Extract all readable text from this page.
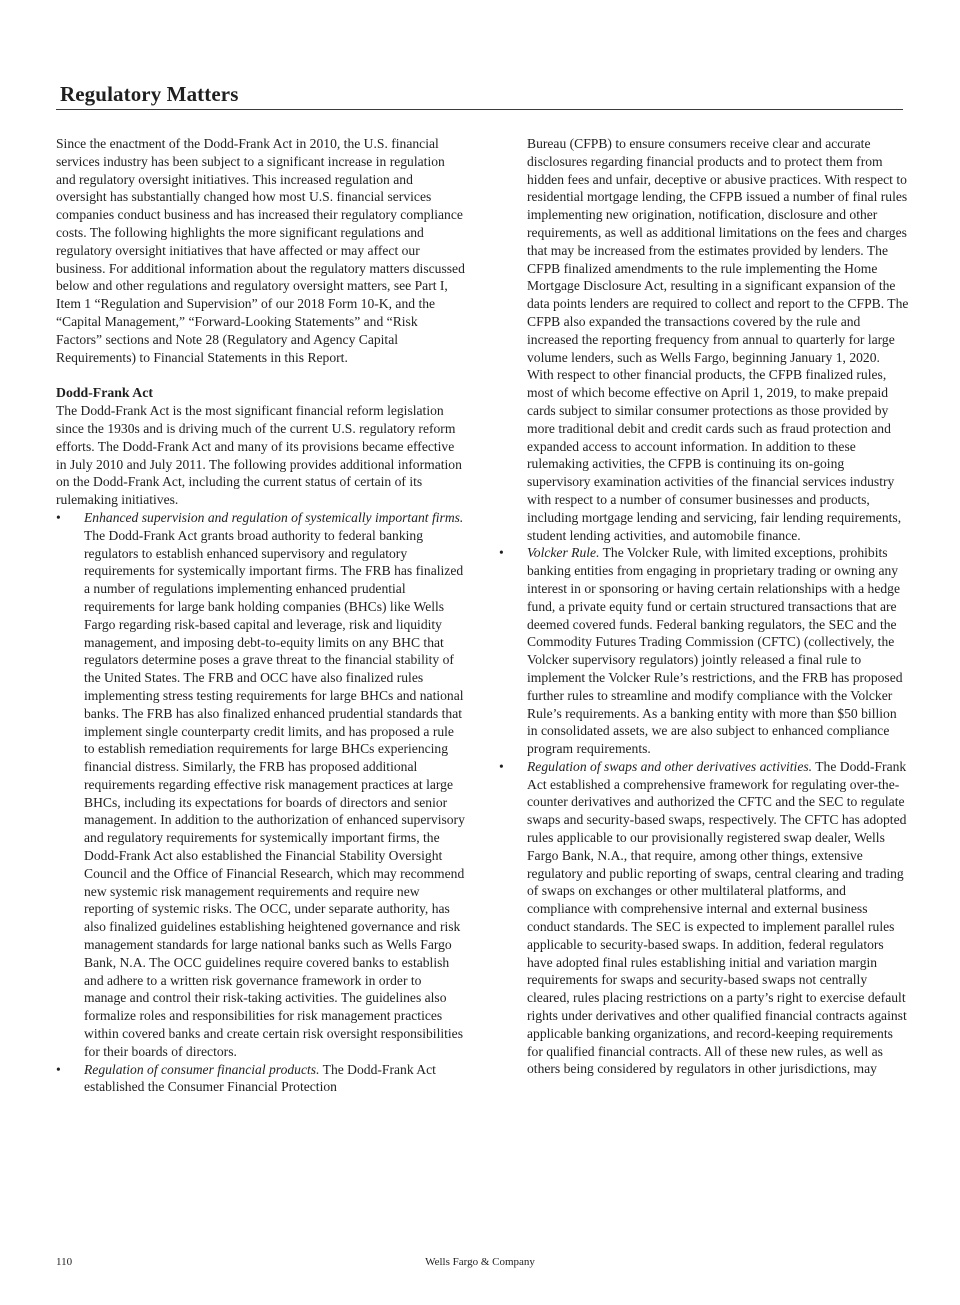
Regulatory Matters

Since the enactment of the Dodd-Frank Act in 2010, the U.S. financial services industry has been subject to a significant increase in regulation and regulatory oversight initiatives. This increased regulation and oversight has substantially changed how most U.S. financial services companies conduct business and has increased their regulatory compliance costs. The following highlights the more significant regulations and regulatory oversight initiatives that have affected or may affect our business. For additional information about the regulatory matters discussed below and other regulations and regulatory oversight matters, see Part I, Item 1 “Regulation and Supervision” of our 2018 Form 10-K, and the “Capital Management,” “Forward-Looking Statements” and “Risk Factors” sections and Note 28 (Regulatory and Agency Capital Requirements) to Financial Statements in this Report.

Dodd-Frank Act

The Dodd-Frank Act is the most significant financial reform legislation since the 1930s and is driving much of the current U.S. regulatory reform efforts. The Dodd-Frank Act and many of its provisions became effective in July 2010 and July 2011. The following provides additional information on the Dodd-Frank Act, including the current status of certain of its rulemaking initiatives.

•	Enhanced supervision and regulation of systemically important firms. The Dodd-Frank Act grants broad authority to federal banking regulators to establish enhanced supervisory and regulatory requirements for systemically important firms. The FRB has finalized a number of regulations implementing enhanced prudential requirements for large bank holding companies (BHCs) like Wells Fargo regarding risk-based capital and leverage, risk and liquidity management, and imposing debt-to-equity limits on any BHC that regulators determine poses a grave threat to the financial stability of the United States. The FRB and OCC have also finalized rules implementing stress testing requirements for large BHCs and national banks. The FRB has also finalized enhanced prudential standards that implement single counterparty credit limits, and has proposed a rule to establish remediation requirements for large BHCs experiencing financial distress. Similarly, the FRB has proposed additional requirements regarding effective risk management practices at large BHCs, including its expectations for boards of directors and senior management. In addition to the authorization of enhanced supervisory and regulatory requirements for systemically important firms, the Dodd-Frank Act also established the Financial Stability Oversight Council and the Office of Financial Research, which may recommend new systemic risk management requirements and require new reporting of systemic risks. The OCC, under separate authority, has also finalized guidelines establishing heightened governance and risk management standards for large national banks such as Wells Fargo Bank, N.A. The OCC guidelines require covered banks to establish and adhere to a written risk governance framework in order to manage and control their risk-taking activities. The guidelines also formalize roles and responsibilities for risk management practices within covered banks and create certain risk oversight responsibilities for their boards of directors.
•	Regulation of consumer financial products. The Dodd-Frank Act established the Consumer Financial Protection

Bureau (CFPB) to ensure consumers receive clear and accurate disclosures regarding financial products and to protect them from hidden fees and unfair, deceptive or abusive practices. With respect to residential mortgage lending, the CFPB issued a number of final rules implementing new origination, notification, disclosure and other requirements, as well as additional limitations on the fees and charges that may be increased from the estimates provided by lenders. The CFPB finalized amendments to the rule implementing the Home Mortgage Disclosure Act, resulting in a significant expansion of the data points lenders are required to collect and report to the CFPB. The CFPB also expanded the transactions covered by the rule and increased the reporting frequency from annual to quarterly for large volume lenders, such as Wells Fargo, beginning January 1, 2020. With respect to other financial products, the CFPB finalized rules, most of which become effective on April 1, 2019, to make prepaid cards subject to similar consumer protections as those provided by more traditional debit and credit cards such as fraud protection and expanded access to account information. In addition to these rulemaking activities, the CFPB is continuing its on-going supervisory examination activities of the financial services industry with respect to a number of consumer businesses and products, including mortgage lending and servicing, fair lending requirements, student lending activities, and automobile finance.

•	Volcker Rule. The Volcker Rule, with limited exceptions, prohibits banking entities from engaging in proprietary trading or owning any interest in or sponsoring or having certain relationships with a hedge fund, a private equity fund or certain structured transactions that are deemed covered funds. Federal banking regulators, the SEC and the Commodity Futures Trading Commission (CFTC) (collectively, the Volcker supervisory regulators) jointly released a final rule to implement the Volcker Rule’s restrictions, and the FRB has proposed further rules to streamline and modify compliance with the Volcker Rule’s requirements. As a banking entity with more than $50 billion in consolidated assets, we are also subject to enhanced compliance program requirements.
•	Regulation of swaps and other derivatives activities. The Dodd-Frank Act established a comprehensive framework for regulating over-the-counter derivatives and authorized the CFTC and the SEC to regulate swaps and security-based swaps, respectively. The CFTC has adopted rules applicable to our provisionally registered swap dealer, Wells Fargo Bank, N.A., that require, among other things, extensive regulatory and public reporting of swaps, central clearing and trading of swaps on exchanges or other multilateral platforms, and compliance with comprehensive internal and external business conduct standards. The SEC is expected to implement parallel rules applicable to security-based swaps. In addition, federal regulators have adopted final rules establishing initial and variation margin requirements for swaps and security-based swaps not centrally cleared, rules placing restrictions on a party’s right to exercise default rights under derivatives and other qualified financial contracts against applicable banking organizations, and record-keeping requirements for qualified financial contracts. All of these new rules, as well as others being considered by regulators in other jurisdictions, may
110	Wells Fargo & Company
